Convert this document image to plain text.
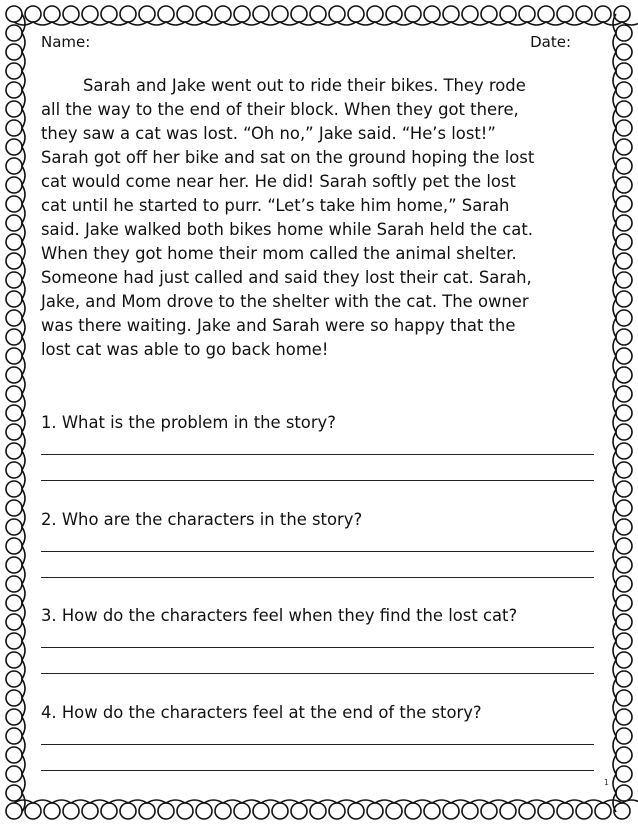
Name:	Date:

Sarah and Jake went out to ride their bikes. They rode
all the way to the end of their block. When they got there,
they saw a cat was lost. “Oh no,” Jake said. “He’s lost!”
Sarah got off her bike and sat on the ground hoping the lost
cat would come near her. He did! Sarah softly pet the lost
cat until he started to purr. “Let’s take him home,” Sarah
said. Jake walked both bikes home while Sarah held the cat.
When they got home their mom called the animal shelter.
Someone had just called and said they lost their cat. Sarah,
Jake, and Mom drove to the shelter with the cat. The owner
was there waiting. Jake and Sarah were so happy that the
lost cat was able to go back home!

1. What is the problem in the story?
2. Who are the characters in the story?
3. How do the characters feel when they find the lost cat?
4. How do the characters feel at the end of the story?
1
